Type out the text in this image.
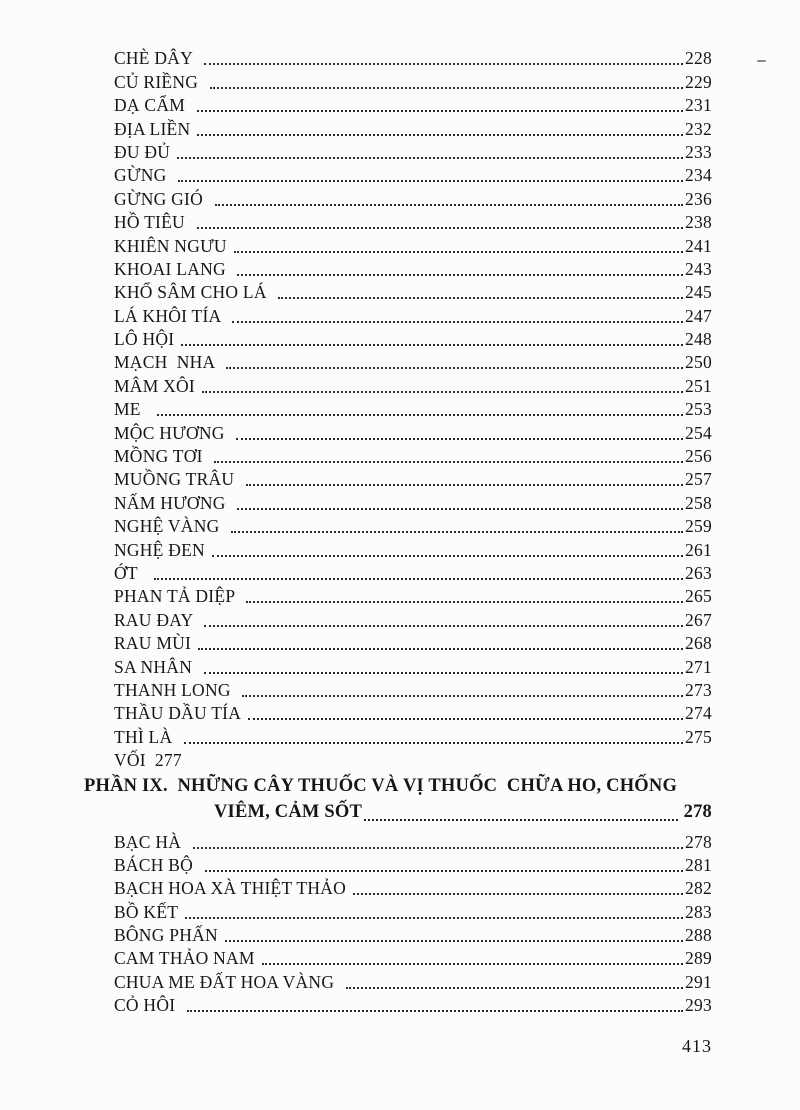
CHÈ DÂY	228
CỦ RIỀNG	229
DẠ CẨM	231
ĐỊA LIỀN	232
ĐU ĐỦ	233
GỪNG	234
GỪNG GIÓ	236
HỒ TIÊU	238
KHIÊN NGƯU	241
KHOAI LANG	243
KHỔ SÂM CHO LÁ	245
LÁ KHÔI TÍA	247
LÔ HỘI	248
MẠCH  NHA	250
MÂM XÔI	251
ME	253
MỘC HƯƠNG	254
MỒNG TƠI	256
MUỒNG TRÂU	257
NẤM HƯƠNG	258
NGHỆ VÀNG	259
NGHỆ ĐEN	261
ỚT	263
PHAN TẢ DIỆP	265
RAU ĐAY	267
RAU MÙI	268
SA NHÂN	271
THANH LONG	273
THẦU DẦU TÍA	274
THÌ LÀ	275
VỐI 277
PHẦN IX.  NHỮNG CÂY THUỐC VÀ VỊ THUỐC  CHỮA HO, CHỐNG
VIÊM, CẢM SỐT	278
BẠC HÀ	278
BÁCH BỘ	281
BẠCH HOA XÀ THIỆT THẢO	282
BỒ KẾT	283
BÔNG PHẤN	288
CAM THẢO NAM	289
CHUA ME ĐẤT HOA VÀNG	291
CỎ HÔI	293
413
